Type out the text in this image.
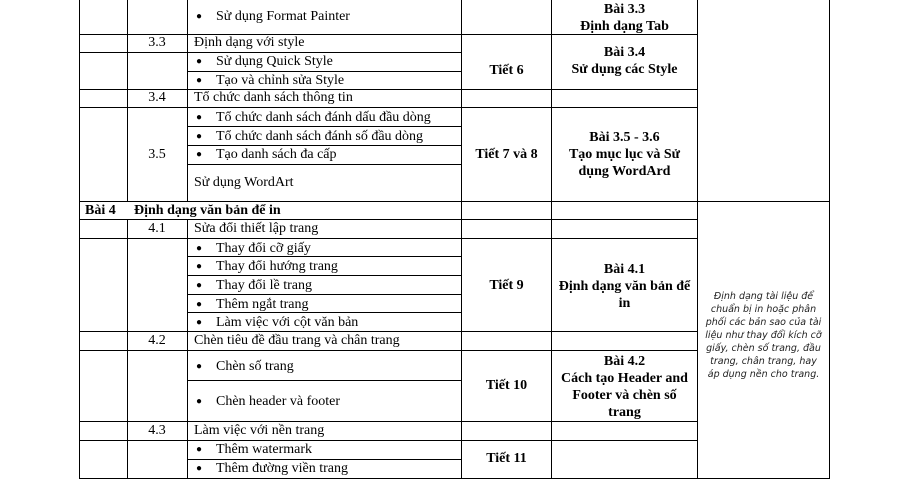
3.3
3.4
3.5
Bài 4
4.1
4.2
4.3
● Sử dụng Format Painter
Định dạng với style
● Sử dụng Quick Style
● Tạo và chỉnh sửa Style
Tổ chức danh sách thông tin
● Tổ chức danh sách đánh dấu đầu dòng
● Tổ chức danh sách đánh số đầu dòng
● Tạo danh sách đa cấp
Sử dụng WordArt
Định dạng văn bản để in
Sửa đổi thiết lập trang
● Thay đổi cỡ giấy
● Thay đổi hướng trang
● Thay đổi lề trang
● Thêm ngắt trang
● Làm việc với cột văn bản
Chèn tiêu đề đầu trang và chân trang
● Chèn số trang
Chèn header và footer
●
Làm việc với nền trang
● Thêm watermark
● Thêm đường viền trang
Tiết 6
Tiết 7 và 8
Tiết 9
Tiết 10
Tiết 11
Bài 3.3
Định dạng Tab
Bài 3.4
Sử dụng các Style
Bài 3.5 - 3.6
Tạo mục lục và Sử
dụng WordArd
Bài 4.1
Định dạng văn bản để
in
Bài 4.2
Cách tạo Header and
Footer và chèn số
trang
Định dạng tài liệu để
chuẩn bị in hoặc phân
phối các bản sao của tài
liệu như thay đổi kích cỡ
giấy, chèn số trang, đầu
trang, chân trang, hay
áp dụng nền cho trang.
